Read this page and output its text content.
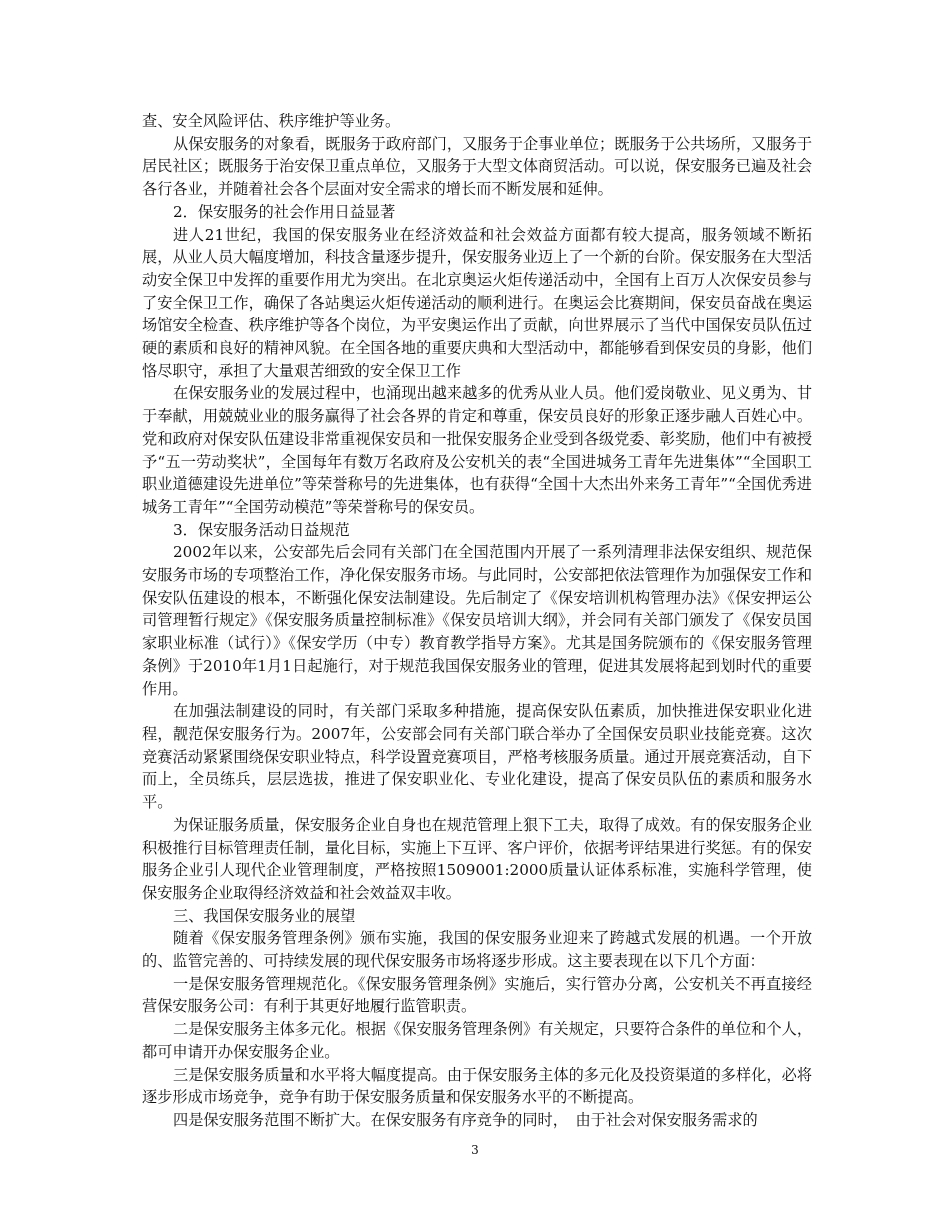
查、安全风险评估、秩序维护等业务。

从保安服务的对象看，既服务于政府部门，又服务于企事业单位；既服务于公共场所，又服务于居民社区；既服务于治安保卫重点单位，又服务于大型文体商贸活动。可以说，保安服务已遍及社会各行各业，并随着社会各个层面对安全需求的增长而不断发展和延伸。

2．保安服务的社会作用日益显著

进人21世纪，我国的保安服务业在经济效益和社会效益方面都有较大提高，服务领域不断拓展，从业人员大幅度增加，科技含量逐步提升，保安服务业迈上了一个新的台阶。保安服务在大型活动安全保卫中发挥的重要作用尤为突出。在北京奥运火炬传递活动中，全国有上百万人次保安员参与了安全保卫工作，确保了各站奥运火炬传递活动的顺利进行。在奥运会比赛期间，保安员奋战在奥运场馆安全检查、秩序维护等各个岗位，为平安奥运作出了贡献，向世界展示了当代中国保安员队伍过硬的素质和良好的精神风貌。在全国各地的重要庆典和大型活动中，都能够看到保安员的身影，他们恪尽职守，承担了大量艰苦细致的安全保卫工作

在保安服务业的发展过程中，也涌现出越来越多的优秀从业人员。他们爱岗敬业、见义勇为、甘于奉献，用兢兢业业的服务赢得了社会各界的肯定和尊重，保安员良好的形象正逐步融人百姓心中。党和政府对保安队伍建设非常重视保安员和一批保安服务企业受到各级党委、彰奖励，他们中有被授予“五一劳动奖状”，全国每年有数万名政府及公安机关的表“全国进城务工青年先进集体”“全国职工职业道德建设先进单位”等荣誉称号的先进集体，也有获得“全国十大杰出外来务工青年”“全国优秀进城务工青年”“全国劳动模范”等荣誉称号的保安员。

3．保安服务活动日益规范

2002年以来，公安部先后会同有关部门在全国范围内开展了一系列清理非法保安组织、规范保安服务市场的专项整治工作，净化保安服务市场。与此同时，公安部把依法管理作为加强保安工作和保安队伍建设的根本，不断强化保安法制建设。先后制定了《保安培训机构管理办法》《保安押运公司管理暂行规定》《保安服务质量控制标准》《保安员培训大纲》，并会同有关部门颁发了《保安员国家职业标准（试行）》《保安学历（中专）教育教学指导方案》。尤其是国务院颁布的《保安服务管理条例》于2010年1月1日起施行，对于规范我国保安服务业的管理，促进其发展将起到划时代的重要作用。

在加强法制建设的同时，有关部门采取多种措施，提高保安队伍素质，加快推进保安职业化进程，靓范保安服务行为。2007年，公安部会同有关部门联合举办了全国保安员职业技能竞赛。这次竞赛活动紧紧围绕保安职业特点，科学设置竞赛项目，严格考核服务质量。通过开展竞赛活动，自下而上，全员练兵，层层选拔，推进了保安职业化、专业化建设，提高了保安员队伍的素质和服务水平。

为保证服务质量，保安服务企业自身也在规范管理上狠下工夫，取得了成效。有的保安服务企业积极推行目标管理责任制，量化目标，实施上下互评、客户评价，依据考评结果进行奖惩。有的保安服务企业引人现代企业管理制度，严格按照1509001:2000质量认证体系标准，实施科学管理，使保安服务企业取得经济效益和社会效益双丰收。

三、我国保安服务业的展望

随着《保安服务管理条例》颁布实施，我国的保安服务业迎来了跨越式发展的机遇。一个开放的、监管完善的、可持续发展的现代保安服务市场将逐步形成。这主要表现在以下几个方面：

一是保安服务管理规范化。《保安服务管理条例》实施后，实行管办分离，公安机关不再直接经营保安服务公司：有利于其更好地履行监管职责。

二是保安服务主体多元化。根据《保安服务管理条例》有关规定，只要符合条件的单位和个人，都可申请开办保安服务企业。

三是保安服务质量和水平将大幅度提高。由于保安服务主体的多元化及投资渠道的多样化，必将逐步形成市场竞争，竞争有助于保安服务质量和保安服务水平的不断提高。

四是保安服务范围不断扩大。在保安服务有序竞争的同时，　由于社会对保安服务需求的

3
